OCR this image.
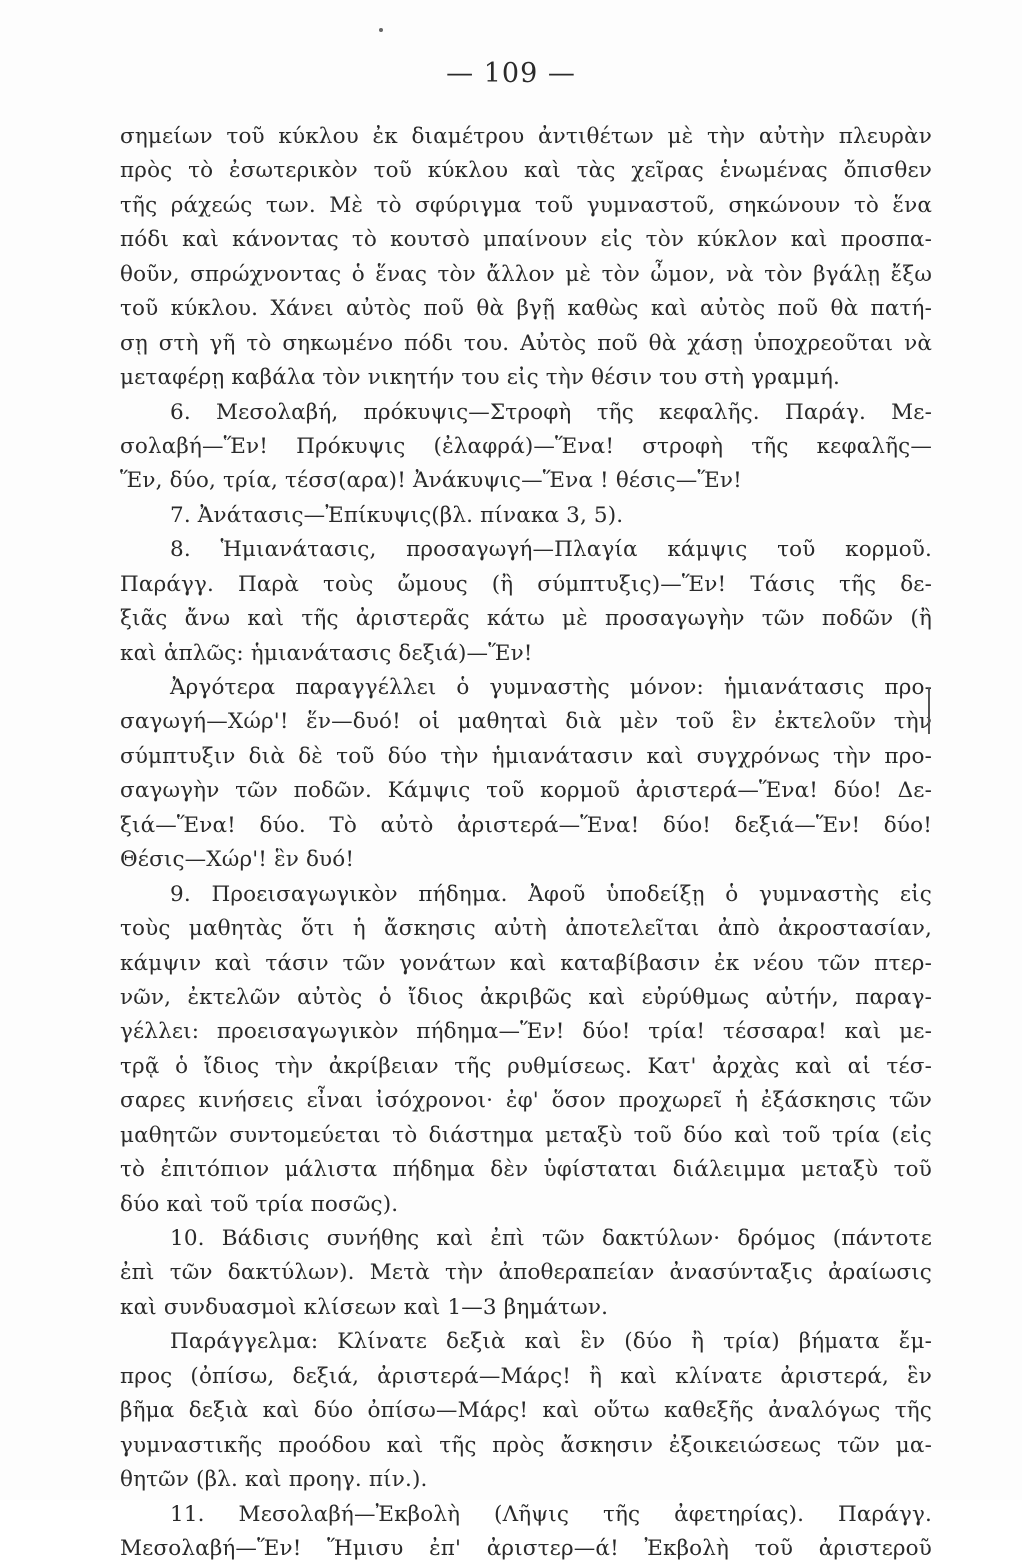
— 109 —
σημείων τοῦ κύκλου ἐκ διαμέτρου ἀντιθέτων μὲ τὴν αὐτὴν πλευρὰν
πρὸς τὸ ἐσωτερικὸν τοῦ κύκλου καὶ τὰς χεῖρας ἑνωμένας ὄπισθεν
τῆς ράχεώς των. Μὲ τὸ σφύριγμα τοῦ γυμναστοῦ, σηκώνουν τὸ ἕνα
πόδι καὶ κάνοντας τὸ κουτσὸ μπαίνουν εἰς τὸν κύκλον καὶ προσπα-
θοῦν, σπρώχνοντας ὁ ἕνας τὸν ἄλλον μὲ τὸν ὦμον, νὰ τὸν βγάλῃ ἔξω
τοῦ κύκλου. Χάνει αὐτὸς ποῦ θὰ βγῇ καθὼς καὶ αὐτὸς ποῦ θὰ πατή-
σῃ στὴ γῆ τὸ σηκωμένο πόδι του. Αὐτὸς ποῦ θὰ χάσῃ ὑποχρεοῦται νὰ
μεταφέρῃ καβάλα τὸν νικητήν του εἰς τὴν θέσιν του στὴ γραμμή.
6. Μεσολαβή, πρόκυψις—Στροφὴ τῆς κεφαλῆς. Παράγ. Με-
σολαβή—Ἕν! Πρόκυψις (ἐλαφρά)—Ἕνα! στροφὴ τῆς κεφαλῆς—
Ἕν, δύο, τρία, τέσσ(αρα)! Ἀνάκυψις—Ἕνα ! θέσις—Ἕν!
7. Ἀνάτασις—Ἐπίκυψις(βλ. πίνακα 3, 5).
8. Ἡμιανάτασις, προσαγωγή—Πλαγία κάμψις τοῦ κορμοῦ.
Παράγγ. Παρὰ τοὺς ὤμους (ἢ σύμπτυξις)—Ἕν! Τάσις τῆς δε-
ξιᾶς ἄνω καὶ τῆς ἀριστερᾶς κάτω μὲ προσαγωγὴν τῶν ποδῶν (ἢ
καὶ ἁπλῶς: ἡμιανάτασις δεξιά)—Ἕν!
Ἀργότερα παραγγέλλει ὁ γυμναστὴς μόνον: ἡμιανάτασις προ-
σαγωγή—Χώρ'! ἕν—δυό! οἱ μαθηταὶ διὰ μὲν τοῦ ἓν ἐκτελοῦν τὴν
σύμπτυξιν διὰ δὲ τοῦ δύο τὴν ἡμιανάτασιν καὶ συγχρόνως τὴν προ-
σαγωγὴν τῶν ποδῶν. Κάμψις τοῦ κορμοῦ ἀριστερά—Ἕνα! δύο! Δε-
ξιά—Ἕνα! δύο. Τὸ αὐτὸ ἀριστερά—Ἕνα! δύο! δεξιά—Ἕν! δύο!
Θέσις—Χώρ'! ἓν δυό!
9. Προεισαγωγικὸν πήδημα. Ἀφοῦ ὑποδείξῃ ὁ γυμναστὴς εἰς
τοὺς μαθητὰς ὅτι ἡ ἄσκησις αὐτὴ ἀποτελεῖται ἀπὸ ἀκροστασίαν,
κάμψιν καὶ τάσιν τῶν γονάτων καὶ καταβίβασιν ἐκ νέου τῶν πτερ-
νῶν, ἐκτελῶν αὐτὸς ὁ ἴδιος ἀκριβῶς καὶ εὐρύθμως αὐτήν, παραγ-
γέλλει: προεισαγωγικὸν πήδημα—Ἕν! δύο! τρία! τέσσαρα! καὶ με-
τρᾷ ὁ ἴδιος τὴν ἀκρίβειαν τῆς ρυθμίσεως. Κατ' ἀρχὰς καὶ αἱ τέσ-
σαρες κινήσεις εἶναι ἰσόχρονοι· ἐφ' ὅσον προχωρεῖ ἡ ἐξάσκησις τῶν
μαθητῶν συντομεύεται τὸ διάστημα μεταξὺ τοῦ δύο καὶ τοῦ τρία (εἰς
τὸ ἐπιτόπιον μάλιστα πήδημα δὲν ὑφίσταται διάλειμμα μεταξὺ τοῦ
δύο καὶ τοῦ τρία ποσῶς).
10. Βάδισις συνήθης καὶ ἐπὶ τῶν δακτύλων· δρόμος (πάντοτε
ἐπὶ τῶν δακτύλων). Μετὰ τὴν ἀποθεραπείαν ἀνασύνταξις ἀραίωσις
καὶ συνδυασμοὶ κλίσεων καὶ 1—3 βημάτων.
Παράγγελμα: Κλίνατε δεξιὰ καὶ ἓν (δύο ἢ τρία) βήματα ἔμ-
προς (ὀπίσω, δεξιά, ἀριστερά—Μάρς! ἢ καὶ κλίνατε ἀριστερά, ἓν
βῆμα δεξιὰ καὶ δύο ὀπίσω—Μάρς! καὶ οὕτω καθεξῆς ἀναλόγως τῆς
γυμναστικῆς προόδου καὶ τῆς πρὸς ἄσκησιν ἐξοικειώσεως τῶν μα-
θητῶν (βλ. καὶ προηγ. πίν.).
11. Μεσολαβή—Ἐκβολὴ (Λῆψις τῆς ἀφετηρίας). Παράγγ.
Μεσολαβή—Ἕν! Ἥμισυ ἐπ' ἀριστερ—ά! Ἐκβολὴ τοῦ ἀριστεροῦ
